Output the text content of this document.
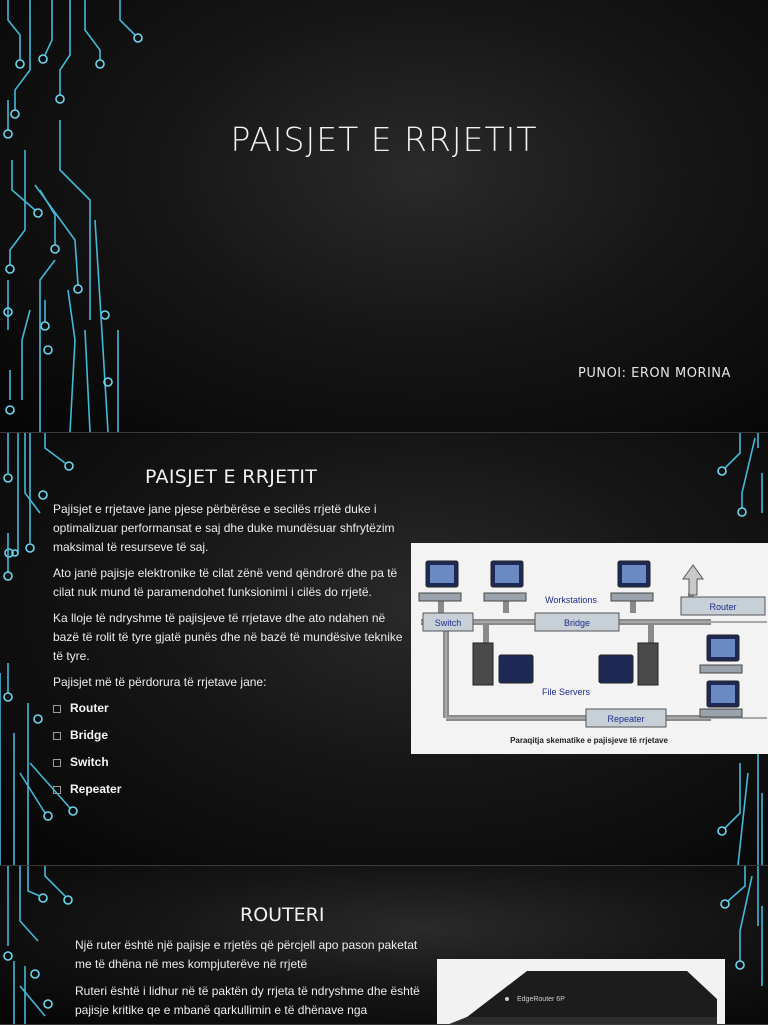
PAISJET E RRJETIT
PUNOI: ERON MORINA
PAISJET E RRJETIT

Pajisjet e rrjetave jane pjese përbërëse e secilës rrjetë duke i optimalizuar performansat e saj dhe duke mundësuar shfrytëzim maksimal të resurseve të saj.

Ato janë pajisje elektronike të cilat zënë vend qëndrorë dhe pa të cilat nuk mund të paramendohet funksionimi i cilës do rrjetë.

Ka lloje të ndryshme të pajisjeve të rrjetave dhe ato ndahen në bazë të rolit të tyre gjatë punës dhe në bazë të mundësive teknike të tyre.

Pajisjet më të përdorura të rrjetave jane:

Router
Bridge
Switch
Repeater
Switch	Bridge
Router
Repeater
Workstations
File Servers
Paraqitja skematike e pajisjeve të rrjetave
ROUTERI

Një ruter është një pajisje e rrjetës që përcjell apo pason paketat me të dhëna në mes kompjuterëve në rrjetë

Ruteri është i lidhur në të paktën dy rrjeta të ndryshme dhe është pajisje kritike qe e mbanë qarkullimin e të dhënave nga

EdgeRouter 6P
